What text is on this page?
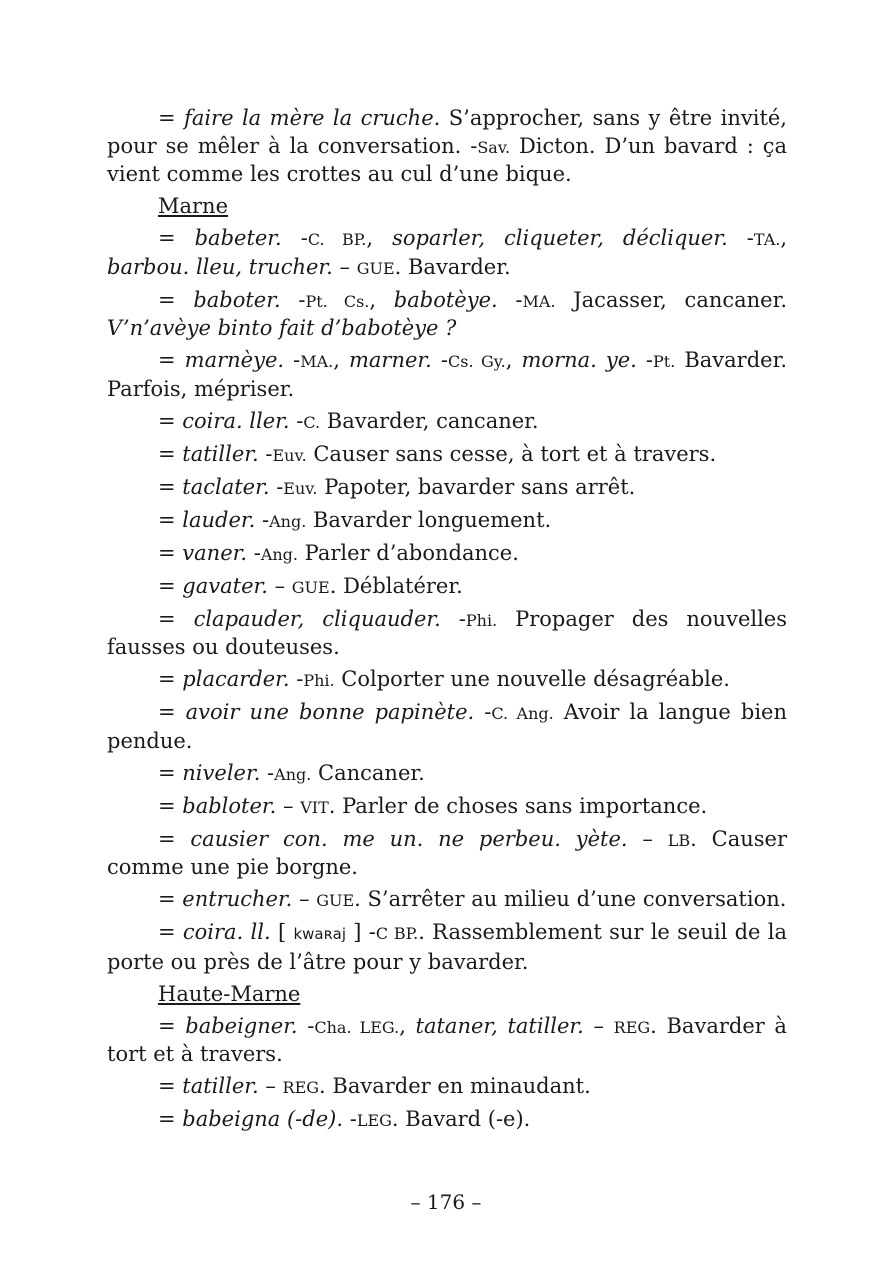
= faire la mère la cruche. S’approcher, sans y être invité, pour se mêler à la conversation. -Sav. Dicton. D’un bavard : ça vient comme les crottes au cul d’une bique.
Marne
= babeter. -C. BP., soparler, cliqueter, décliquer. -TA., barbou. lleu, trucher. – GUE. Bavarder.
= baboter. -Pt. Cs., babotèye. -MA. Jacasser, cancaner. V’n’avèye binto fait d’babotèye ?
= marnèye. -MA., marner. -Cs. Gy., morna. ye. -Pt. Bavarder. Parfois, mépriser.
= coira. ller. -C. Bavarder, cancaner.
= tatiller. -Euv. Causer sans cesse, à tort et à travers.
= taclater. -Euv. Papoter, bavarder sans arrêt.
= lauder. -Ang. Bavarder longuement.
= vaner. -Ang. Parler d’abondance.
= gavater. – GUE. Déblatérer.
= clapauder, cliquauder. -Phi. Propager des nouvelles fausses ou douteuses.
= placarder. -Phi. Colporter une nouvelle désagréable.
= avoir une bonne papinète. -C. Ang. Avoir la langue bien pendue.
= niveler. -Ang. Cancaner.
= babloter. – VIT. Parler de choses sans importance.
= causier con. me un. ne perbeu. yète. – LB. Causer comme une pie borgne.
= entrucher. – GUE. S’arrêter au milieu d’une conversation.
= coira. ll. [ kwaʀaj ] -C BP.. Rassemblement sur le seuil de la porte ou près de l’âtre pour y bavarder.
Haute-Marne
= babeigner. -Cha. LEG., tataner, tatiller. – REG. Bavarder à tort et à travers.
= tatiller. – REG. Bavarder en minaudant.
= babeigna (-de). -LEG. Bavard (-e).
– 176 –
